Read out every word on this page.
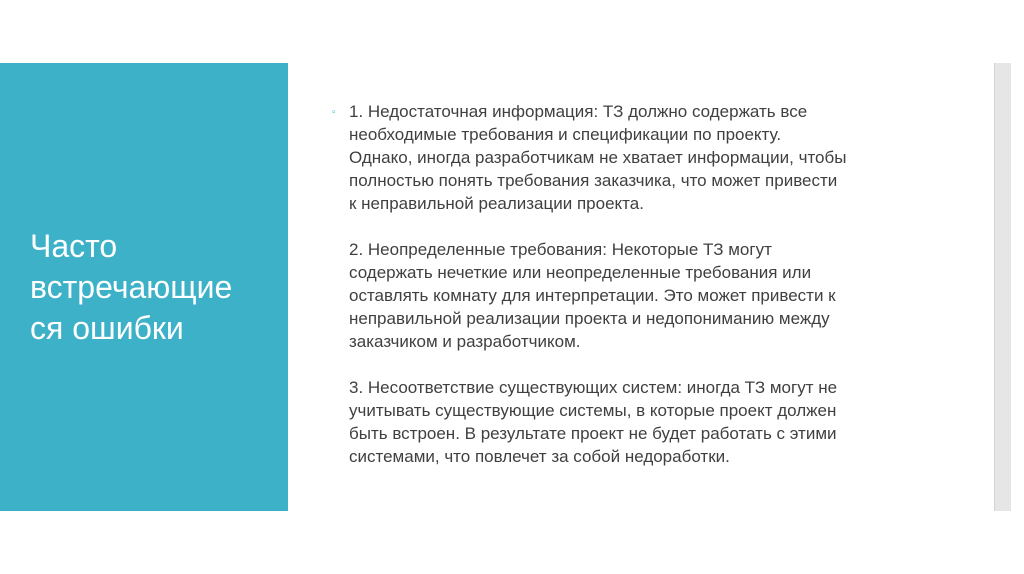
Часто
встречающие
ся ошибки
▫ 1. Недостаточная информация: ТЗ должно содержать все
необходимые требования и спецификации по проекту.
Однако, иногда разработчикам не хватает информации, чтобы
полностью понять требования заказчика, что может привести
к неправильной реализации проекта.
2. Неопределенные требования: Некоторые ТЗ могут
содержать нечеткие или неопределенные требования или
оставлять комнату для интерпретации. Это может привести к
неправильной реализации проекта и недопониманию между
заказчиком и разработчиком.
3. Несоответствие существующих систем: иногда ТЗ могут не
учитывать существующие системы, в которые проект должен
быть встроен. В результате проект не будет работать с этими
системами, что повлечет за собой недоработки.
